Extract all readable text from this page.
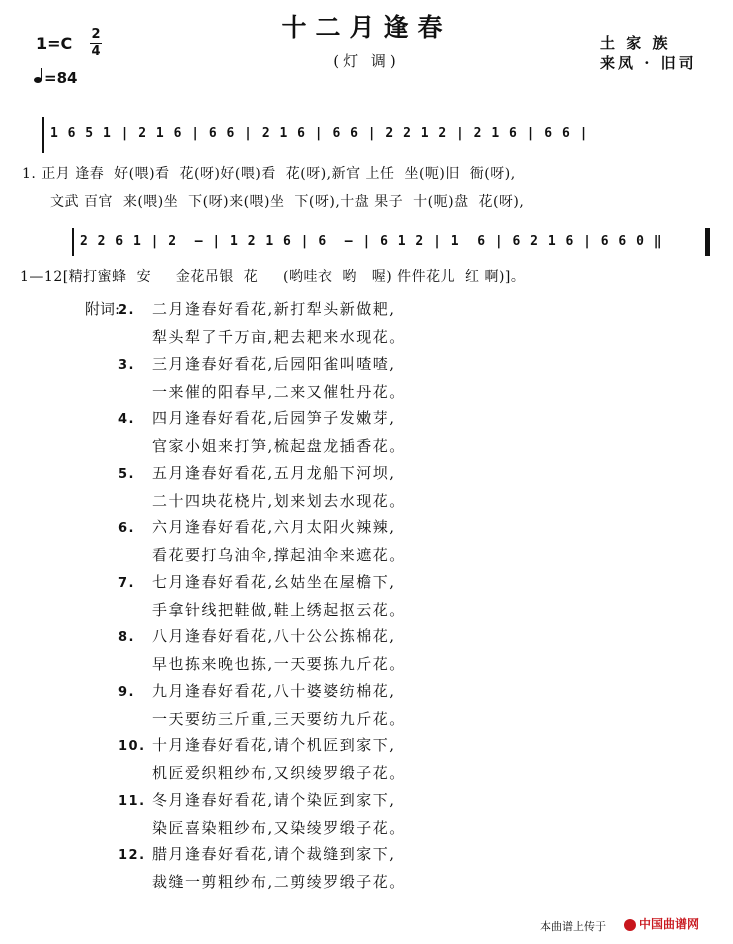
十二月逢春
(灯 调)
1=C 2
4
=84
土 家 族
来凤 · 旧司
1 6 5 1 | 2 1 6 | 6 6 | 2 1 6 | 6 6 | 2 2 1 2 | 2 1 6 | 6 6 |
1. 正月 逢春  好(喂)看  花(呀)好(喂)看  花(呀),新官 上任  坐(呃)旧  衙(呀),
文武 百官  来(喂)坐  下(呀)来(喂)坐  下(呀),十盘 果子  十(呃)盘  花(呀),
2 2 6 1 | 2  — | 1 2 1 6 | 6  — | 6 1 2 | 1  6 | 6 2 1 6 | 6 6 0 ‖
1—12[精打蜜蜂  安     金花吊银  花     (哟哇衣  哟   喔) 件件花儿  红 啊)]。
附词:
2. 二月逢春好看花,新打犁头新做耙,
犁头犁了千万亩,耙去耙来水现花。
3. 三月逢春好看花,后园阳雀叫喳喳,
一来催的阳春早,二来又催牡丹花。
4. 四月逢春好看花,后园笋子发嫩芽,
官家小姐来打笋,梳起盘龙插香花。
5. 五月逢春好看花,五月龙船下河坝,
二十四块花桡片,划来划去水现花。
6. 六月逢春好看花,六月太阳火辣辣,
看花要打乌油伞,撑起油伞来遮花。
7. 七月逢春好看花,幺姑坐在屋檐下,
手拿针线把鞋做,鞋上绣起抠云花。
8. 八月逢春好看花,八十公公拣棉花,
早也拣来晚也拣,一天要拣九斤花。
9. 九月逢春好看花,八十婆婆纺棉花,
一天要纺三斤重,三天要纺九斤花。
10. 十月逢春好看花,请个机匠到家下,
机匠爱织粗纱布,又织绫罗缎子花。
11. 冬月逢春好看花,请个染匠到家下,
染匠喜染粗纱布,又染绫罗缎子花。
12. 腊月逢春好看花,请个裁缝到家下,
裁缝一剪粗纱布,二剪绫罗缎子花。
本曲谱上传于	中国曲谱网
